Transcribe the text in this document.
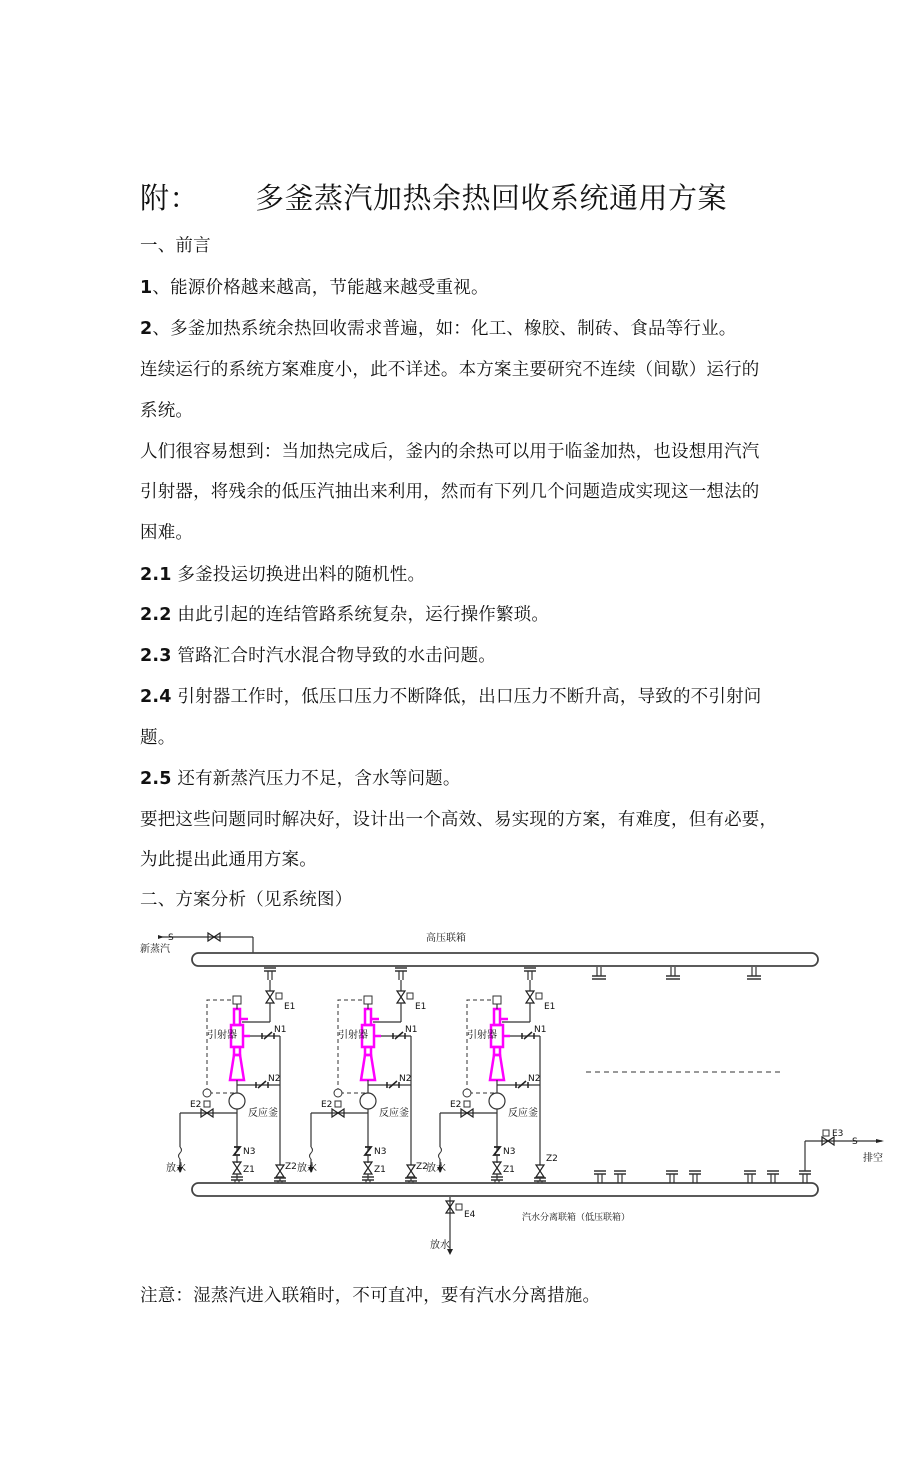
附： 多釜蒸汽加热余热回收系统通用方案
一、前言
1、能源价格越来越高，节能越来越受重视。
2、多釜加热系统余热回收需求普遍，如：化工、橡胶、制砖、食品等行业。
连续运行的系统方案难度小，此不详述。本方案主要研究不连续（间歇）运行的
系统。
人们很容易想到：当加热完成后，釜内的余热可以用于临釜加热，也设想用汽汽
引射器，将残余的低压汽抽出来利用，然而有下列几个问题造成实现这一想法的
困难。
2.1 多釜投运切换进出料的随机性。
2.2 由此引起的连结管路系统复杂，运行操作繁琐。
2.3 管路汇合时汽水混合物导致的水击问题。
2.4 引射器工作时，低压口压力不断降低，出口压力不断升高，导致的不引射问
题。
2.5 还有新蒸汽压力不足，含水等问题。
要把这些问题同时解决好，设计出一个高效、易实现的方案，有难度，但有必要，
为此提出此通用方案。
二、方案分析（见系统图）
S
新蒸汽
高压联箱
E1	E1	E1
N1	N1	N1
N2	N2	N2
E2	E2	E2
N3	N3	N3
Z1	Z1	Z1
Z2	Z2
Z2
引射器	引射器	引射器
反应釜	反应釜	反应釜
放水	放水	放水
汽水分离联箱（低压联箱）
E3
S
排空
E4
放水
注意：湿蒸汽进入联箱时，不可直冲，要有汽水分离措施。
